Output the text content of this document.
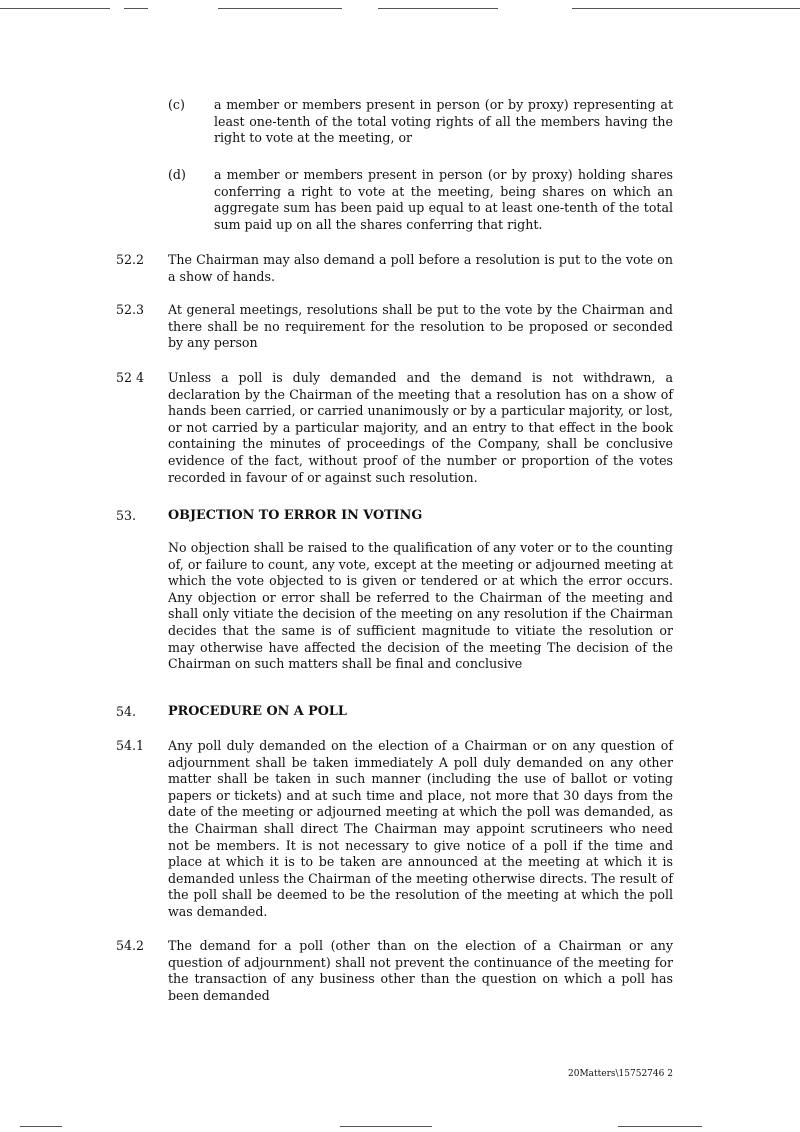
(c) a member or members present in person (or by proxy) representing at least one-tenth of the total voting rights of all the members having the right to vote at the meeting, or

(d) a member or members present in person (or by proxy) holding shares conferring a right to vote at the meeting, being shares on which an aggregate sum has been paid up equal to at least one-tenth of the total sum paid up on all the shares conferring that right.

52.2 The Chairman may also demand a poll before a resolution is put to the vote on a show of hands.

52.3 At general meetings, resolutions shall be put to the vote by the Chairman and there shall be no requirement for the resolution to be proposed or seconded by any person

52 4 Unless a poll is duly demanded and the demand is not withdrawn, a declaration by the Chairman of the meeting that a resolution has on a show of hands been carried, or carried unanimously or by a particular majority, or lost, or not carried by a particular majority, and an entry to that effect in the book containing the minutes of proceedings of the Company, shall be conclusive evidence of the fact, without proof of the number or proportion of the votes recorded in favour of or against such resolution.

53. OBJECTION TO ERROR IN VOTING

No objection shall be raised to the qualification of any voter or to the counting of, or failure to count, any vote, except at the meeting or adjourned meeting at which the vote objected to is given or tendered or at which the error occurs. Any objection or error shall be referred to the Chairman of the meeting and shall only vitiate the decision of the meeting on any resolution if the Chairman decides that the same is of sufficient magnitude to vitiate the resolution or may otherwise have affected the decision of the meeting The decision of the Chairman on such matters shall be final and conclusive

54. PROCEDURE ON A POLL

54.1 Any poll duly demanded on the election of a Chairman or on any question of adjournment shall be taken immediately A poll duly demanded on any other matter shall be taken in such manner (including the use of ballot or voting papers or tickets) and at such time and place, not more that 30 days from the date of the meeting or adjourned meeting at which the poll was demanded, as the Chairman shall direct The Chairman may appoint scrutineers who need not be members. It is not necessary to give notice of a poll if the time and place at which it is to be taken are announced at the meeting at which it is demanded unless the Chairman of the meeting otherwise directs. The result of the poll shall be deemed to be the resolution of the meeting at which the poll was demanded.

54.2 The demand for a poll (other than on the election of a Chairman or any question of adjournment) shall not prevent the continuance of the meeting for the transaction of any business other than the question on which a poll has been demanded

20Matters\15752746 2
